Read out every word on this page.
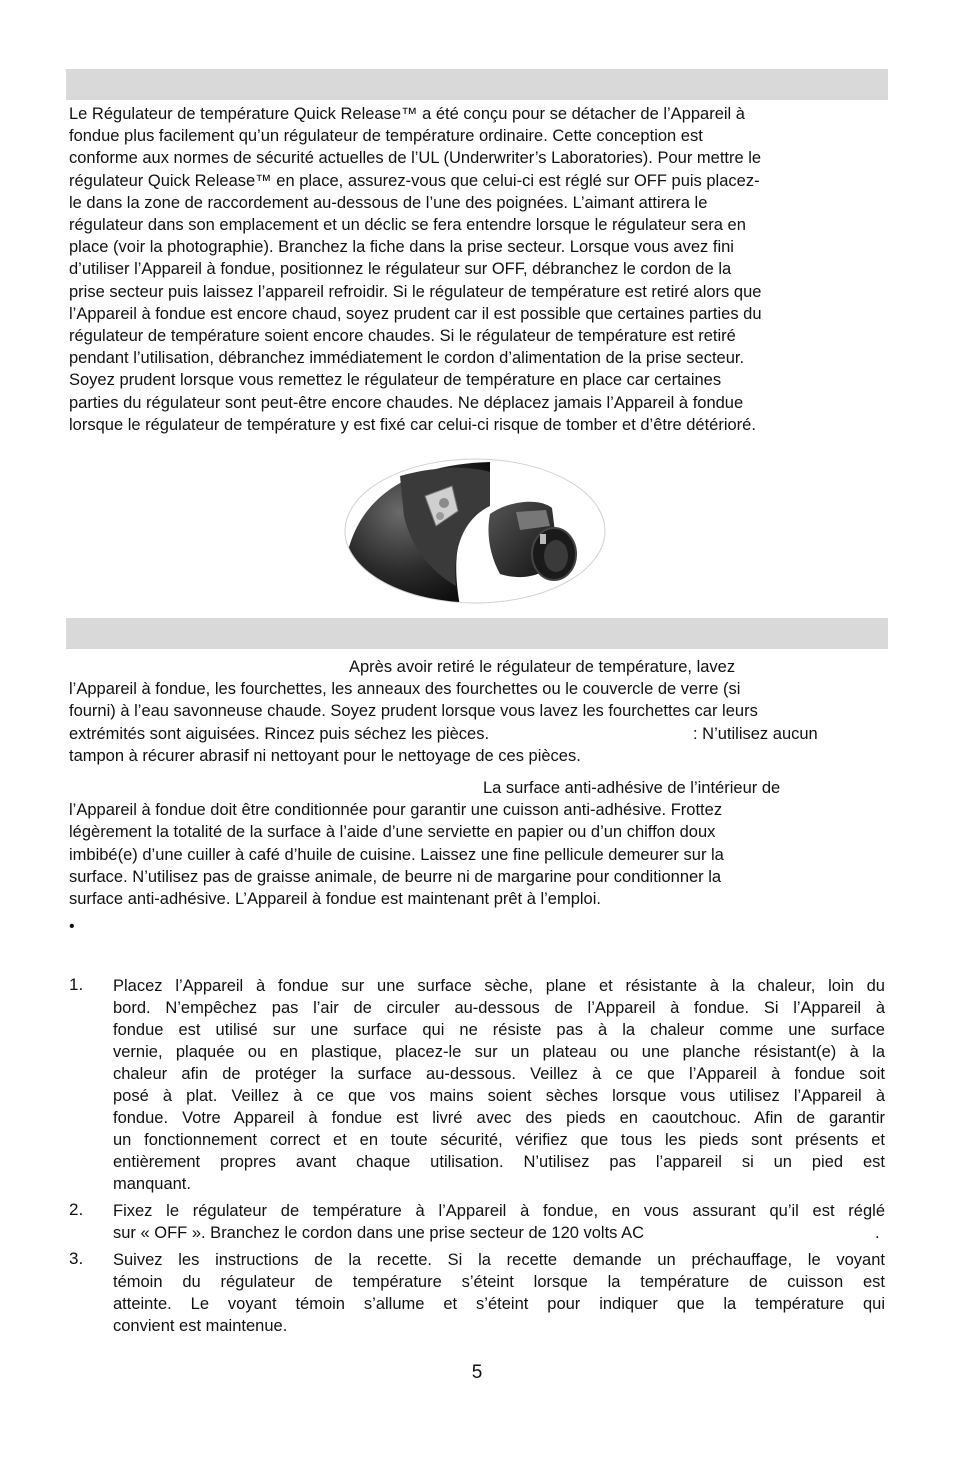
Le Régulateur de température Quick Release™ a été conçu pour se détacher de l’Appareil à
fondue plus facilement qu’un régulateur de température ordinaire. Cette conception est
conforme aux normes de sécurité actuelles de l’UL (Underwriter’s Laboratories). Pour mettre le
régulateur Quick Release™ en place, assurez-vous que celui-ci est réglé sur OFF puis placez-
le dans la zone de raccordement au-dessous de l’une des poignées. L’aimant attirera le
régulateur dans son emplacement et un déclic se fera entendre lorsque le régulateur sera en
place (voir la photographie). Branchez la fiche dans la prise secteur. Lorsque vous avez fini
d’utiliser l’Appareil à fondue, positionnez le régulateur sur OFF, débranchez le cordon de la
prise secteur puis laissez l’appareil refroidir. Si le régulateur de température est retiré alors que
l’Appareil à fondue est encore chaud, soyez prudent car il est possible que certaines parties du
régulateur de température soient encore chaudes. Si le régulateur de température est retiré
pendant l’utilisation, débranchez immédiatement le cordon d’alimentation de la prise secteur.
Soyez prudent lorsque vous remettez le régulateur de température en place car certaines
parties du régulateur sont peut-être encore chaudes. Ne déplacez jamais l’Appareil à fondue
lorsque le régulateur de température y est fixé car celui-ci risque de tomber et d’être détérioré.
Après avoir retiré le régulateur de température, lavez
l’Appareil à fondue, les fourchettes, les anneaux des fourchettes ou le couvercle de verre (si
fourni) à l’eau savonneuse chaude. Soyez prudent lorsque vous lavez les fourchettes car leurs
extrémités sont aiguisées. Rincez puis séchez les pièces.	: N’utilisez aucun
tampon à récurer abrasif ni nettoyant pour le nettoyage de ces pièces.
La surface anti-adhésive de l’intérieur de
l’Appareil à fondue doit être conditionnée pour garantir une cuisson anti-adhésive. Frottez
légèrement la totalité de la surface à l’aide d’une serviette en papier ou d’un chiffon doux
imbibé(e) d’une cuiller à café d’huile de cuisine. Laissez une fine pellicule demeurer sur la
surface. N’utilisez pas de graisse animale, de beurre ni de margarine pour conditionner la
surface anti-adhésive. L’Appareil à fondue est maintenant prêt à l’emploi.
•
1. Placez l’Appareil à fondue sur une surface sèche, plane et résistante à la chaleur, loin du
bord. N’empêchez pas l’air de circuler au-dessous de l’Appareil à fondue. Si l’Appareil à
fondue est utilisé sur une surface qui ne résiste pas à la chaleur comme une surface
vernie, plaquée ou en plastique, placez-le sur un plateau ou une planche résistant(e) à la
chaleur afin de protéger la surface au-dessous. Veillez à ce que l’Appareil à fondue soit
posé à plat. Veillez à ce que vos mains soient sèches lorsque vous utilisez l’Appareil à
fondue. Votre Appareil à fondue est livré avec des pieds en caoutchouc. Afin de garantir
un fonctionnement correct et en toute sécurité, vérifiez que tous les pieds sont présents et
entièrement propres avant chaque utilisation. N’utilisez pas l’appareil si un pied est
manquant.
2. Fixez le régulateur de température à l’Appareil à fondue, en vous assurant qu’il est réglé
sur « OFF ». Branchez le cordon dans une prise secteur de 120 volts AC	.
3. Suivez les instructions de la recette. Si la recette demande un préchauffage, le voyant
témoin du régulateur de température s’éteint lorsque la température de cuisson est
atteinte. Le voyant témoin s’allume et s’éteint pour indiquer que la température qui
convient est maintenue.
5
